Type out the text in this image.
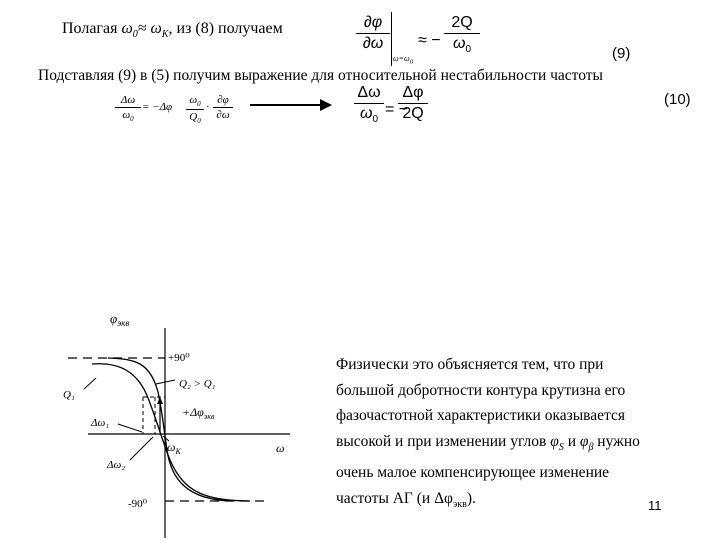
Полагая $\omega_0\approx \omega_K$, из (8) получаем	∂φ
∂ω
$\omega=\omega_0$
≈ −
2Q
$\omega_0$	(9)
Подставляя (9) в (5) получим выражение для относительной нестабильности частоты
(10)
Δω
$\omega_0$
= −Δφ
$\omega_0$
$Q_0$
·
∂φ
∂ω
Δω
$\omega_0$
= −
Δφ
2Q
$\varphi_{экв}$
+90⁰
Q₂ > Q₁
Q₁
$+\Delta\varphi_{экв}$
Δω₁
$\omega_K$	ω
Δω₂
-90⁰
Физически это объясняется тем, что при
большой добротности контура крутизна его
фазочастотной характеристики оказывается
высокой и при изменении углов $\varphi_S$ и $\varphi_\beta$ нужно
очень малое компенсирующее изменение
частоты АГ (и $\Delta\varphi_{экв}$).	11
